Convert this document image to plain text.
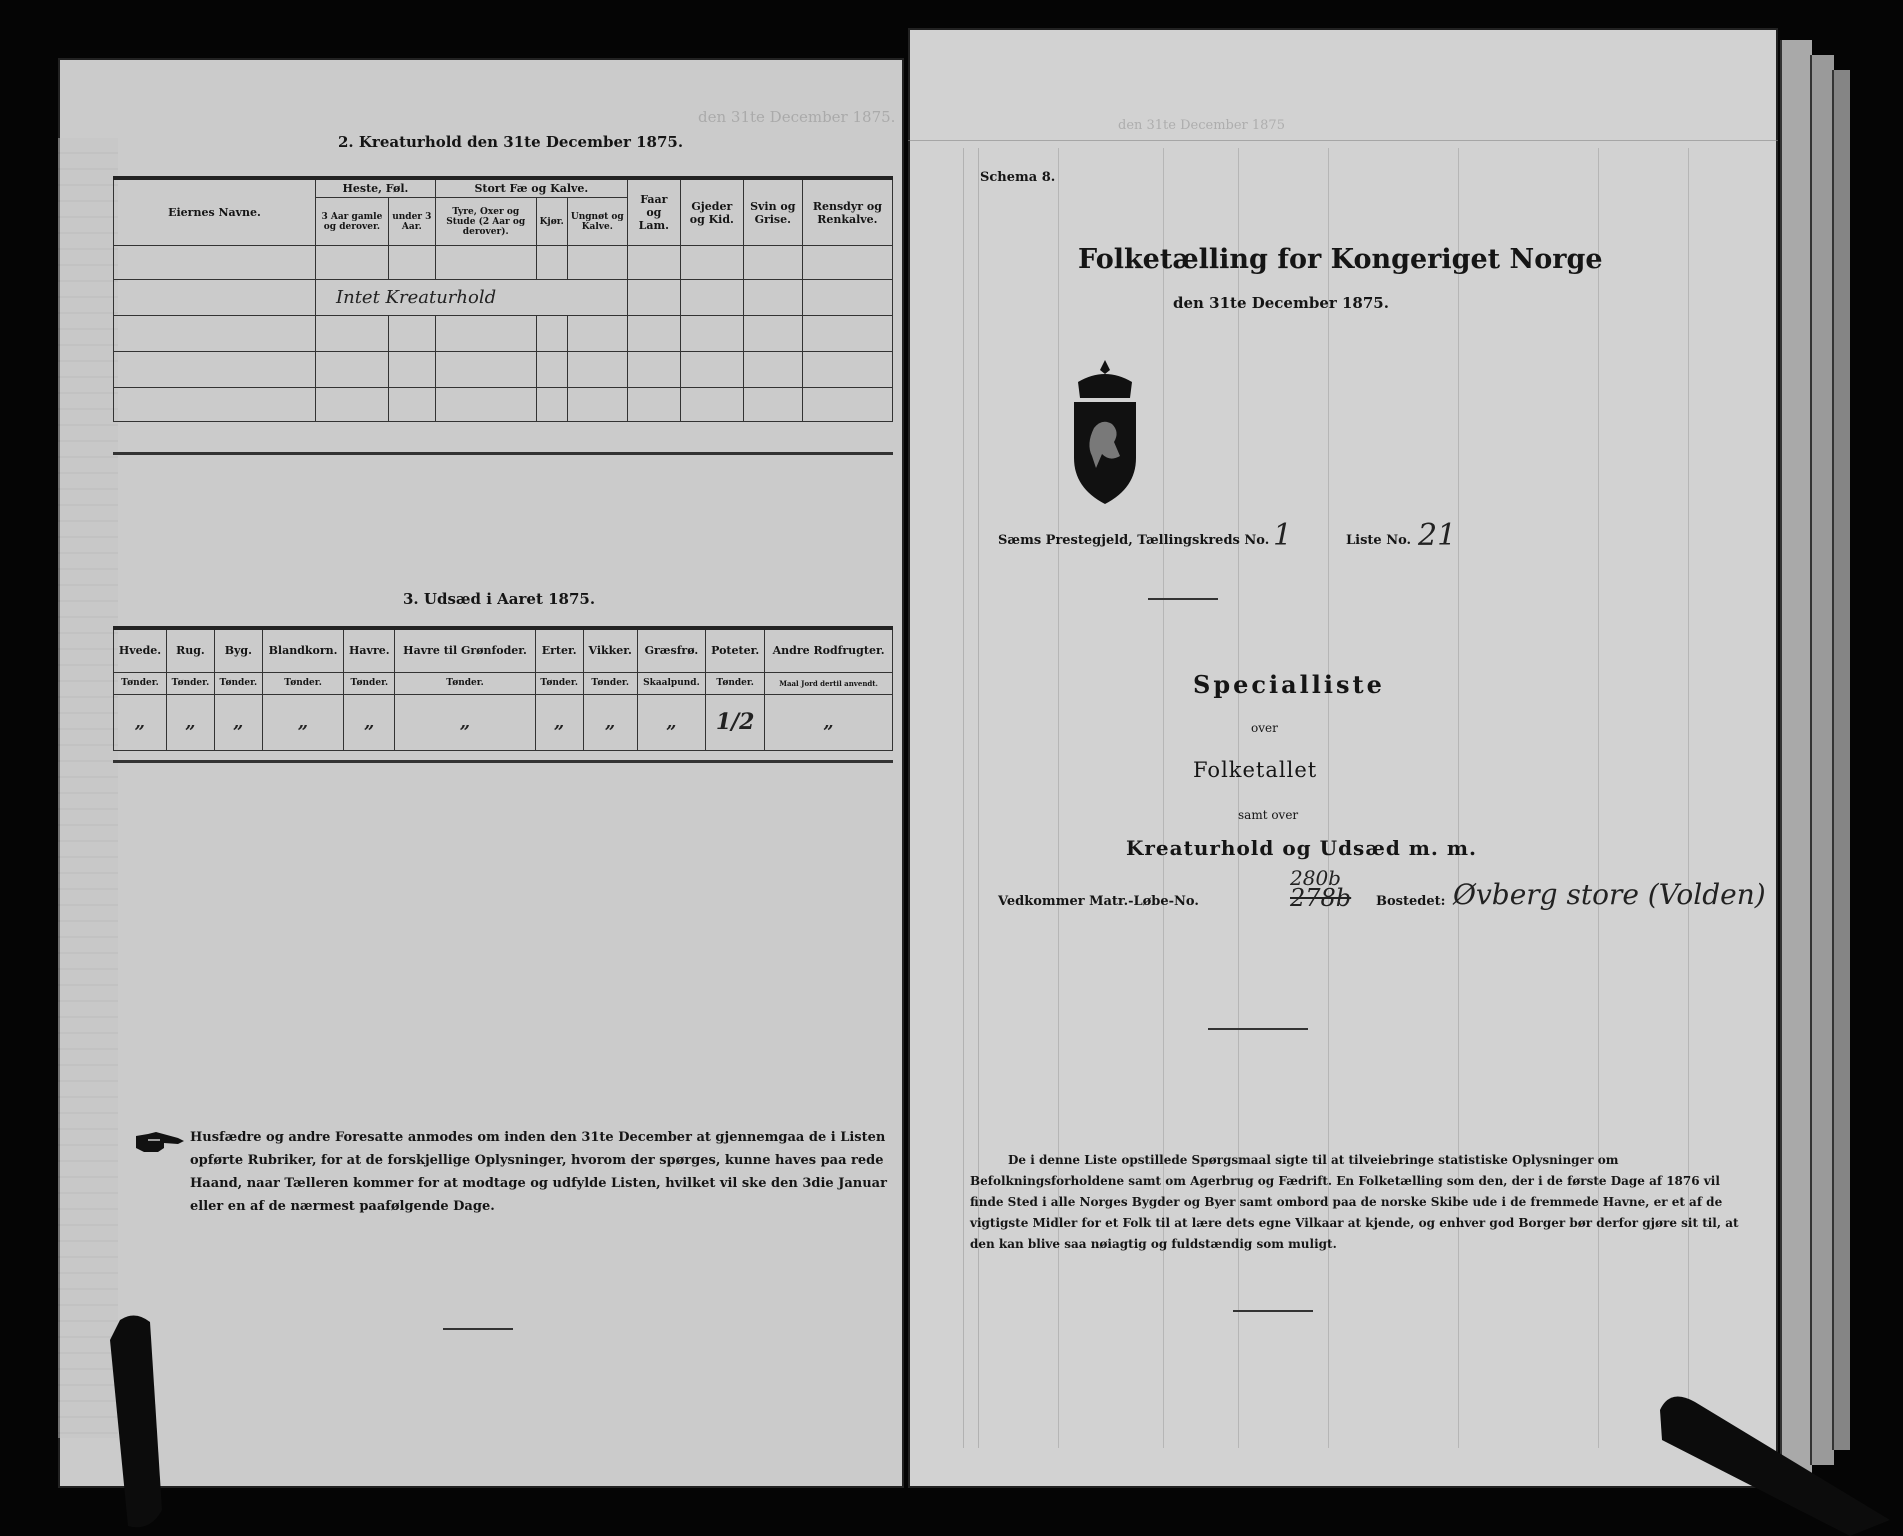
den 31te December 1875.
2. Kreaturhold den 31te December 1875.
Eiernes Navne.	Heste, Føl.		Stort Fæ og Kalve.			Faar og Lam.	Gjeder og Kid.	Svin og Grise.	Rensdyr og Renkalve.
	3 Aar gamle og derover.	under 3 Aar.	Tyre, Oxer og Stude (2 Aar og derover).	Kjør.	Ungnøt og Kalve.				

	Intet Kreaturhold								

3. Udsæd i Aaret 1875.
Hvede.	Rug.	Byg.	Blandkorn.	Havre.	Havre til Grønfoder.	Erter.	Vikker.	Græsfrø.	Poteter.	Andre Rodfrugter.
Tønder.	Tønder.	Tønder.	Tønder.	Tønder.	Tønder.	Tønder.	Tønder.	Skaalpund.	Tønder.	Maal Jord dertil anvendt.
„	„	„	„	„	„	„	„	„	1/2	„
Husfædre og andre Foresatte anmodes om inden den 31te December at gjennemgaa de i Listen opførte Rubriker, for at de forskjellige Oplysninger, hvorom der spørges, kunne haves paa rede Haand, naar Tælleren kommer for at modtage og udfylde Listen, hvilket vil ske den 3die Januar eller en af de nærmest paafølgende Dage.
den 31te December 1875
Schema 8.
Folketælling for Kongeriget Norge
den 31te December 1875.
Sæms Prestegjeld, Tællingskreds No. 1	Liste No. 21
Specialliste
over
Folketallet
samt over
Kreaturhold og Udsæd m. m.
280b
Vedkommer Matr.-Løbe-No.	278b Bostedet: Øvberg store (Volden)
De i denne Liste opstillede Spørgsmaal sigte til at tilveiebringe statistiske Oplysninger om Befolkningsforholdene samt om Agerbrug og Fædrift. En Folketælling som den, der i de første Dage af 1876 vil finde Sted i alle Norges Bygder og Byer samt ombord paa de norske Skibe ude i de fremmede Havne, er et af de vigtigste Midler for et Folk til at lære dets egne Vilkaar at kjende, og enhver god Borger bør derfor gjøre sit til, at den kan blive saa nøiagtig og fuldstændig som muligt.
